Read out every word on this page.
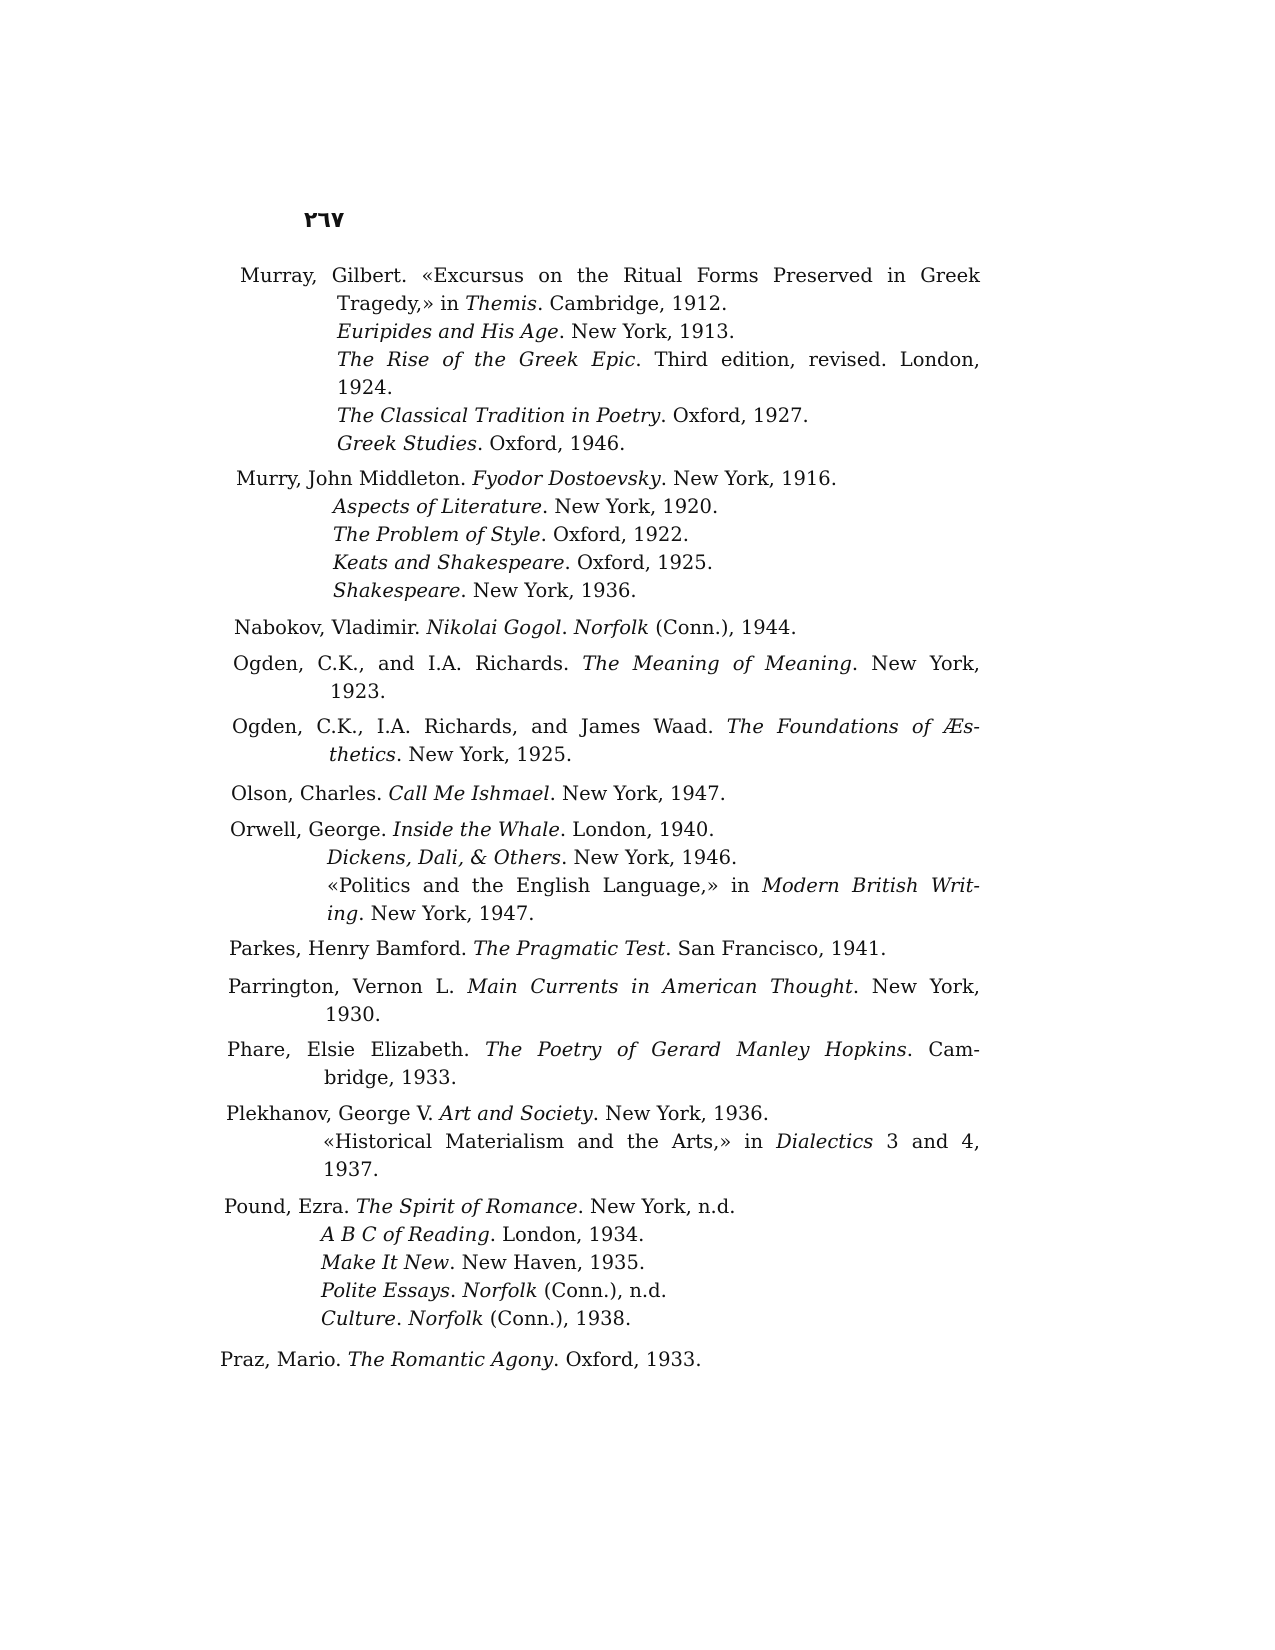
٢٦٧
Murray, Gilbert. «Excursus on the Ritual Forms Preserved in Greek
Tragedy,» in Themis. Cambridge, 1912.
Euripides and His Age. New York, 1913.
The Rise of the Greek Epic. Third edition, revised. London,
1924.
The Classical Tradition in Poetry. Oxford, 1927.
Greek Studies. Oxford, 1946.
Murry, John Middleton. Fyodor Dostoevsky. New York, 1916.
Aspects of Literature. New York, 1920.
The Problem of Style. Oxford, 1922.
Keats and Shakespeare. Oxford, 1925.
Shakespeare. New York, 1936.
Nabokov, Vladimir. Nikolai Gogol. Norfolk (Conn.), 1944.
Ogden, C.K., and I.A. Richards. The Meaning of Meaning. New York,
1923.
Ogden, C.K., I.A. Richards, and James Waad. The Foundations of Æs-
thetics. New York, 1925.
Olson, Charles. Call Me Ishmael. New York, 1947.
Orwell, George. Inside the Whale. London, 1940.
Dickens, Dali, & Others. New York, 1946.
«Politics and the English Language,» in Modern British Writ-
ing. New York, 1947.
Parkes, Henry Bamford. The Pragmatic Test. San Francisco, 1941.
Parrington, Vernon L. Main Currents in American Thought. New York,
1930.
Phare, Elsie Elizabeth. The Poetry of Gerard Manley Hopkins. Cam-
bridge, 1933.
Plekhanov, George V. Art and Society. New York, 1936.
«Historical Materialism and the Arts,» in Dialectics 3 and 4,
1937.
Pound, Ezra. The Spirit of Romance. New York, n.d.
A B C of Reading. London, 1934.
Make It New. New Haven, 1935.
Polite Essays. Norfolk (Conn.), n.d.
Culture. Norfolk (Conn.), 1938.
Praz, Mario. The Romantic Agony. Oxford, 1933.
